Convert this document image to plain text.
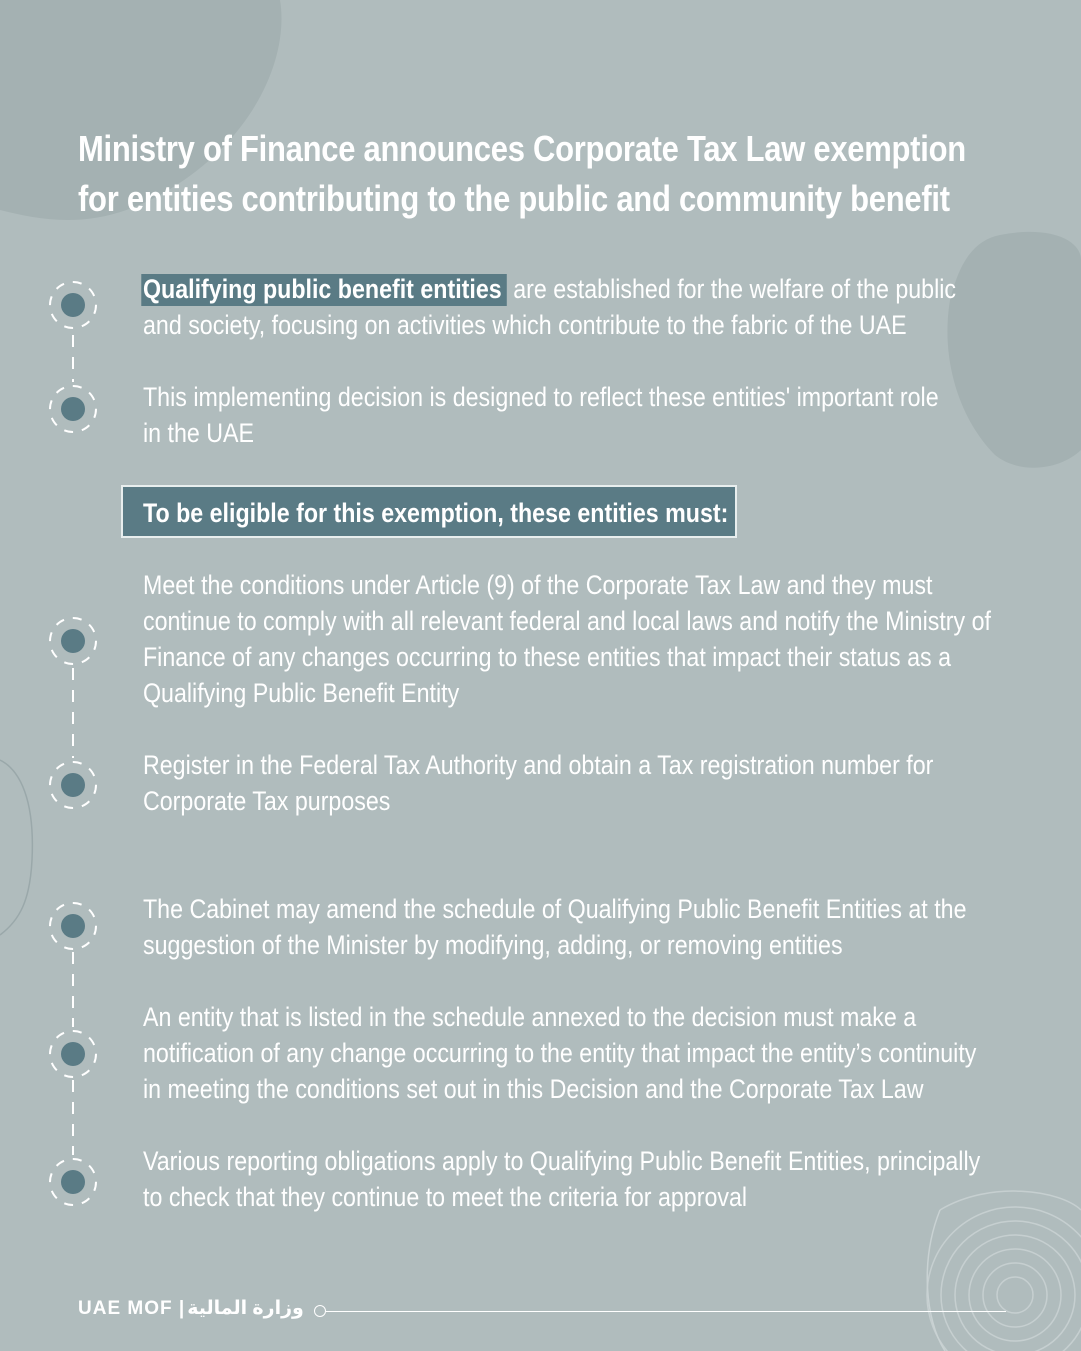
Ministry of Finance announces Corporate Tax Law exemption
for entities contributing to the public and community benefit
Qualifying public benefit entities are established for the welfare of the public
and society, focusing on activities which contribute to the fabric of the UAE
This implementing decision is designed to reflect these entities' important role
in the UAE
To be eligible for this exemption, these entities must:
Meet the conditions under Article (9) of the Corporate Tax Law and they must
continue to comply with all relevant federal and local laws and notify the Ministry of
Finance of any changes occurring to these entities that impact their status as a
Qualifying Public Benefit Entity
Register in the Federal Tax Authority and obtain a Tax registration number for
Corporate Tax purposes
The Cabinet may amend the schedule of Qualifying Public Benefit Entities at the
suggestion of the Minister by modifying, adding, or removing entities
An entity that is listed in the schedule annexed to the decision must make a
notification of any change occurring to the entity that impact the entity’s continuity
in meeting the conditions set out in this Decision and the Corporate Tax Law
Various reporting obligations apply to Qualifying Public Benefit Entities, principally
to check that they continue to meet the criteria for approval
UAE MOF | وزارة المالية
